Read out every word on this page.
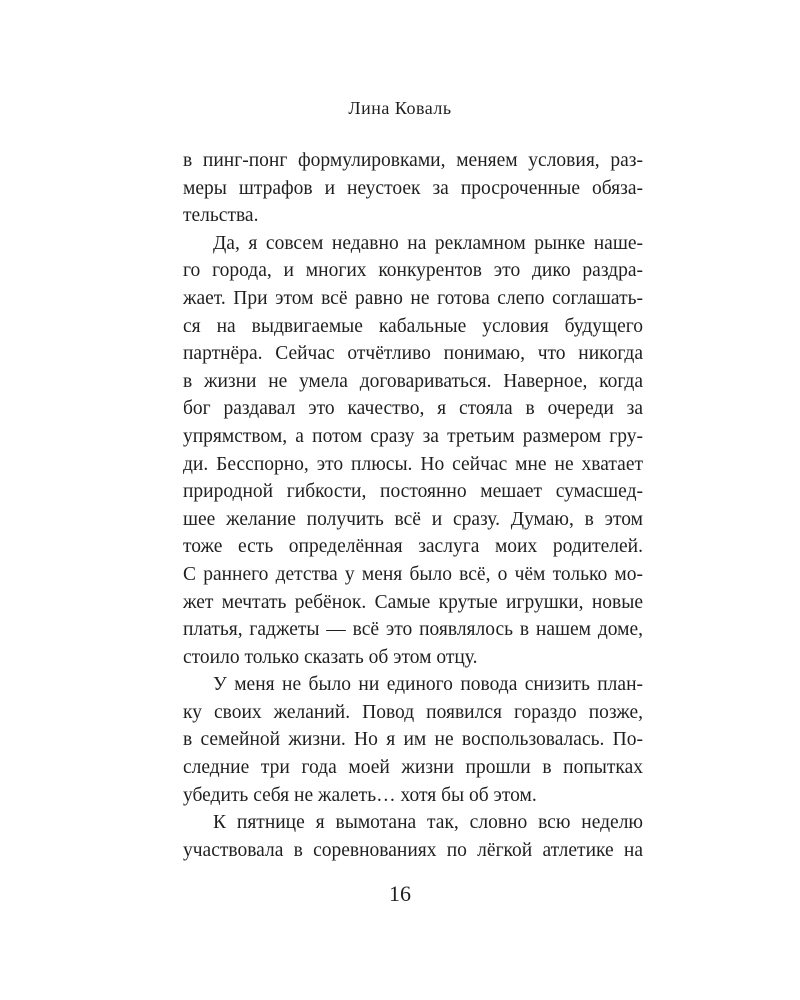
Лина Коваль
в пинг-понг формулировками, меняем условия, раз-
меры штрафов и неустоек за просроченные обяза-
тельства.
Да, я совсем недавно на рекламном рынке наше-
го города, и многих конкурентов это дико раздра-
жает. При этом всё равно не готова слепо соглашать-
ся на выдвигаемые кабальные условия будущего
партнёра. Сейчас отчётливо понимаю, что никогда
в жизни не умела договариваться. Наверное, когда
бог раздавал это качество, я стояла в очереди за
упрямством, а потом сразу за третьим размером гру-
ди. Бесспорно, это плюсы. Но сейчас мне не хватает
природной гибкости, постоянно мешает сумасшед-
шее желание получить всё и сразу. Думаю, в этом
тоже есть определённая заслуга моих родителей.
С раннего детства у меня было всё, о чём только мо-
жет мечтать ребёнок. Самые крутые игрушки, новые
платья, гаджеты — всё это появлялось в нашем доме,
стоило только сказать об этом отцу.
У меня не было ни единого повода снизить план-
ку своих желаний. Повод появился гораздо позже,
в семейной жизни. Но я им не воспользовалась. По-
следние три года моей жизни прошли в попытках
убедить себя не жалеть… хотя бы об этом.
К пятнице я вымотана так, словно всю неделю
участвовала в соревнованиях по лёгкой атлетике на
16
